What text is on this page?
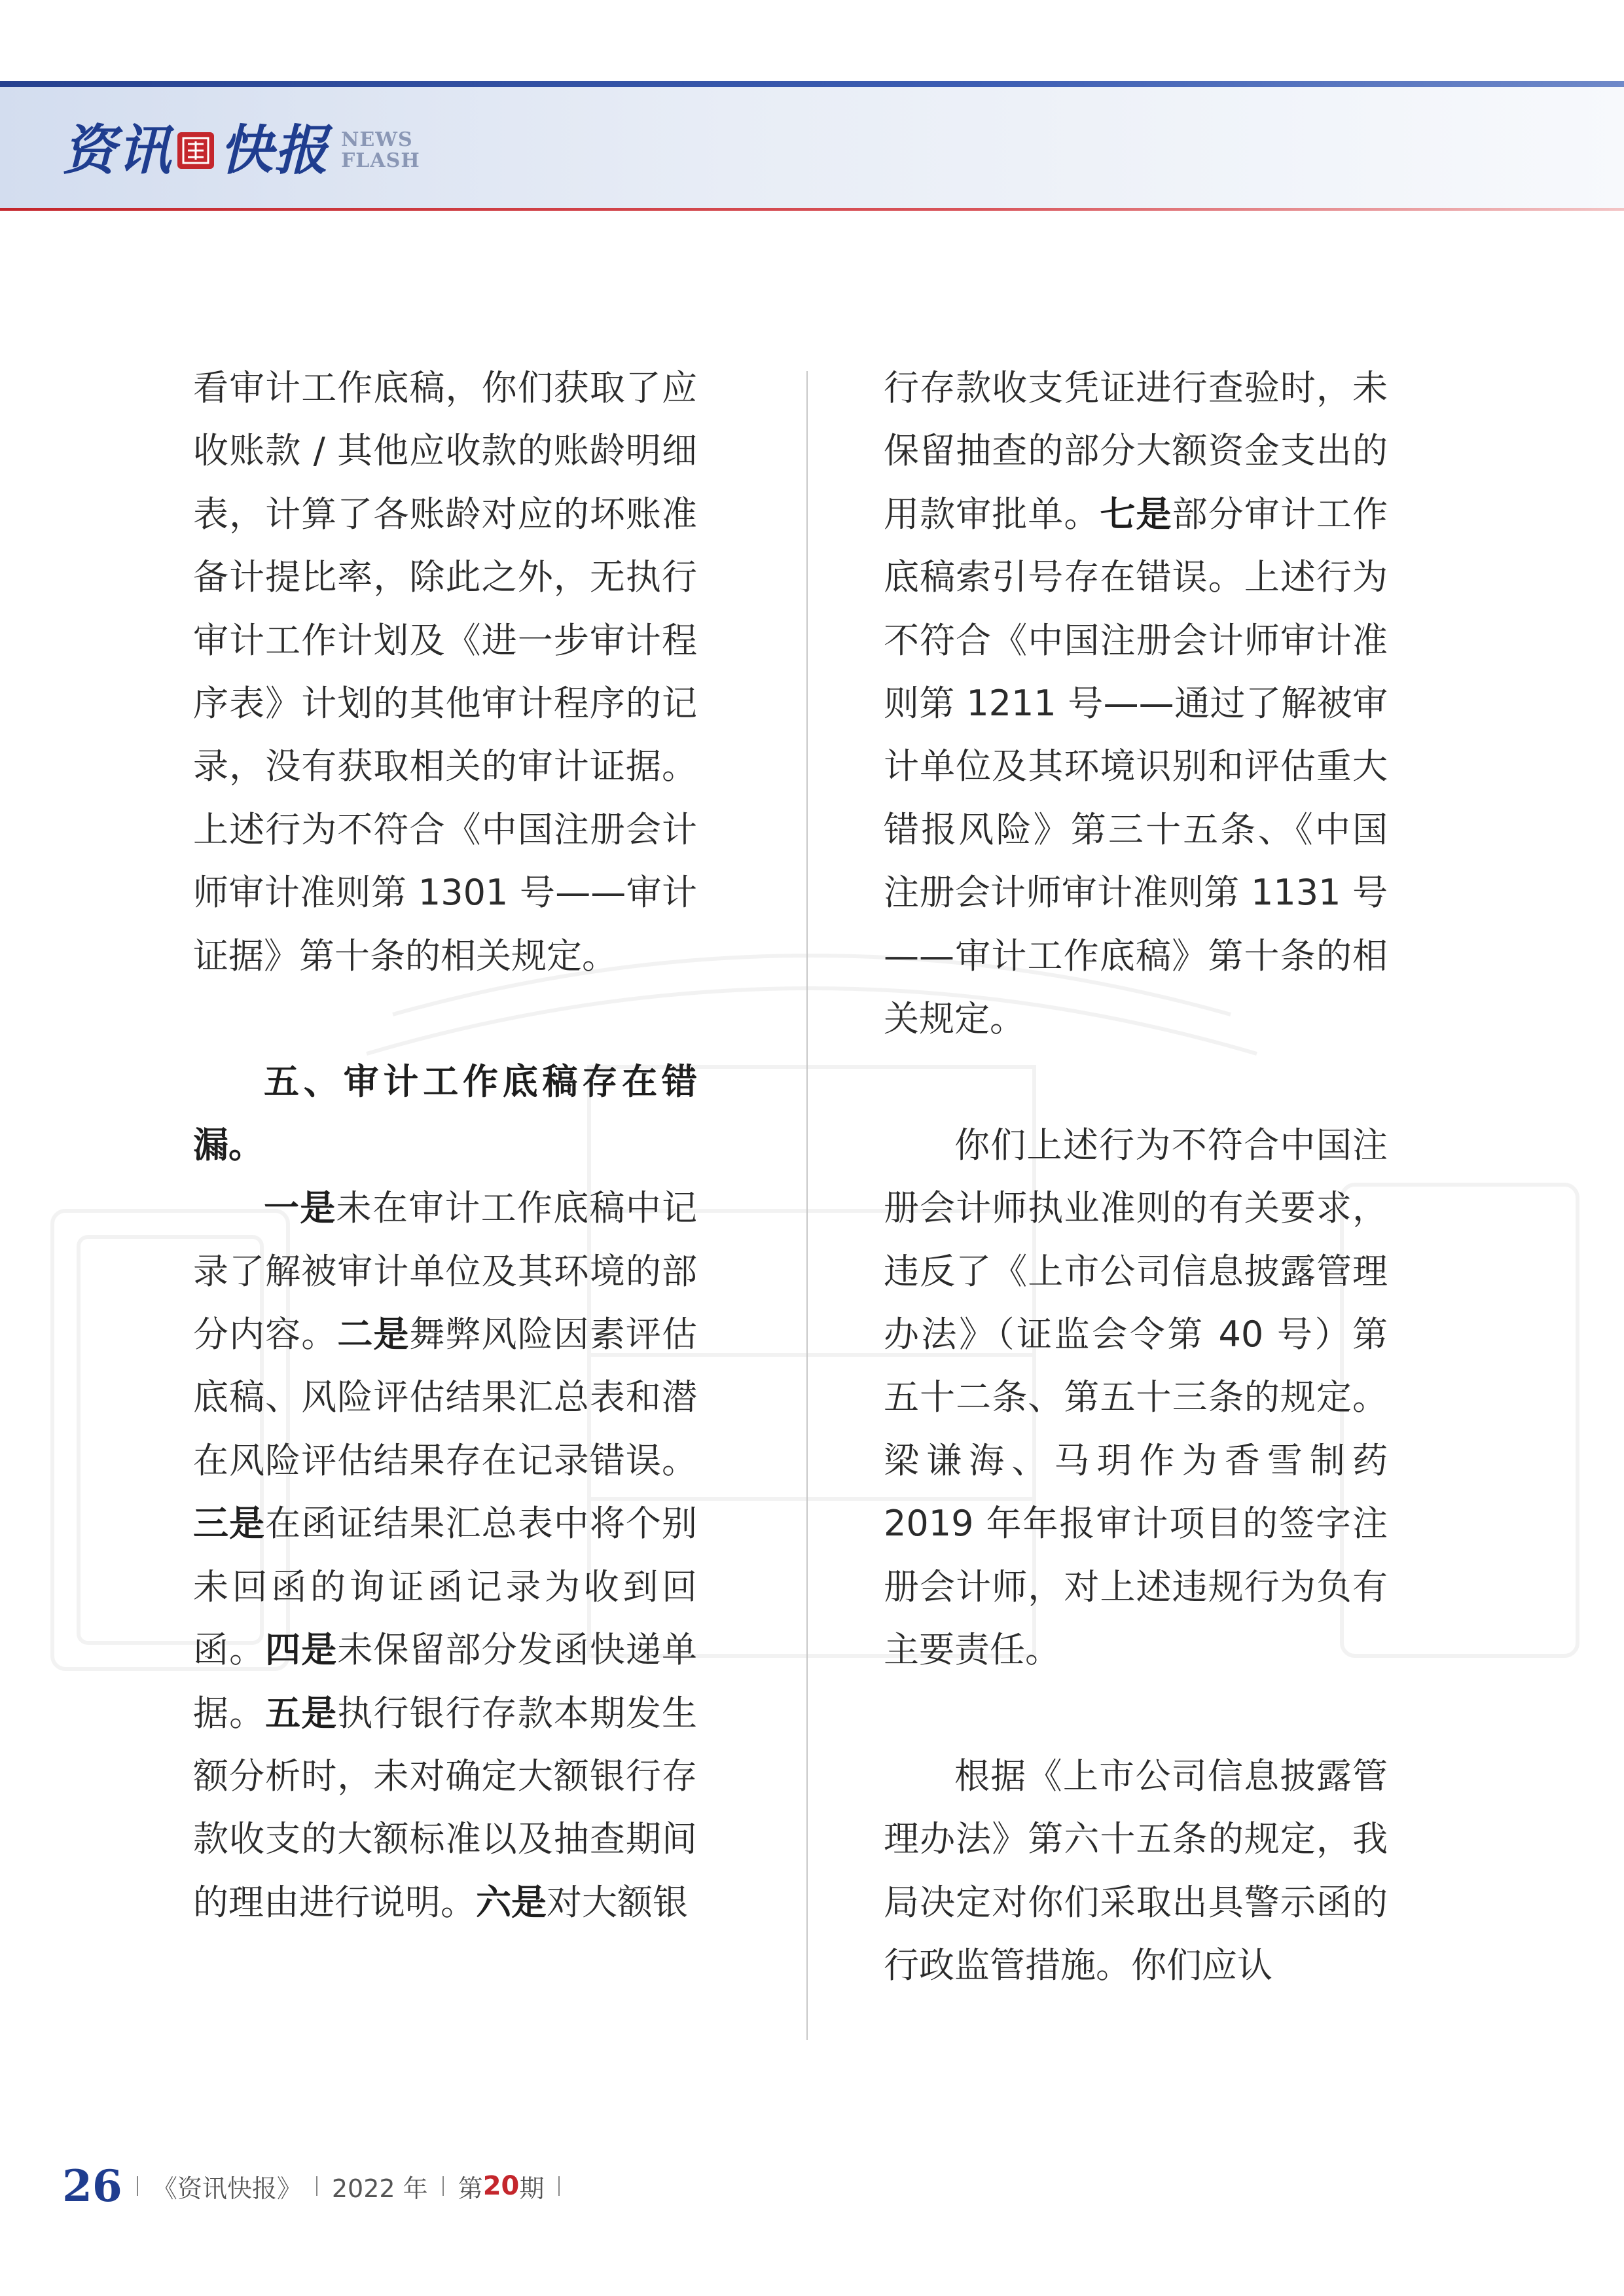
资讯 快报 NEWS
FLASH

看审计工作底稿，你们获取了应收账款 / 其他应收款的账龄明细表，计算了各账龄对应的坏账准备计提比率，除此之外，无执行审计工作计划及《进一步审计程序表》计划的其他审计程序的记录，没有获取相关的审计证据。上述行为不符合《中国注册会计师审计准则第 1301 号——审计证据》第十条的相关规定。

五、审计工作底稿存在错漏。

一是未在审计工作底稿中记录了解被审计单位及其环境的部分内容。二是舞弊风险因素评估底稿、风险评估结果汇总表和潜在风险评估结果存在记录错误。三是在函证结果汇总表中将个别未回函的询证函记录为收到回函。四是未保留部分发函快递单据。五是执行银行存款本期发生额分析时，未对确定大额银行存款收支的大额标准以及抽查期间的理由进行说明。六是对大额银

行存款收支凭证进行查验时，未保留抽查的部分大额资金支出的用款审批单。七是部分审计工作底稿索引号存在错误。上述行为不符合《中国注册会计师审计准则第 1211 号——通过了解被审计单位及其环境识别和评估重大错报风险》第三十五条、《中国注册会计师审计准则第 1131 号——审计工作底稿》第十条的相关规定。

你们上述行为不符合中国注册会计师执业准则的有关要求，违反了《上市公司信息披露管理办法》（证监会令第 40 号）第五十二条、第五十三条的规定。梁谦海、马玥作为香雪制药 2019 年年报审计项目的签字注册会计师，对上述违规行为负有主要责任。

根据《上市公司信息披露管理办法》第六十五条的规定，我局决定对你们采取出具警示函的行政监管措施。你们应认

26 《资讯快报》 2022 年 第 20 期
